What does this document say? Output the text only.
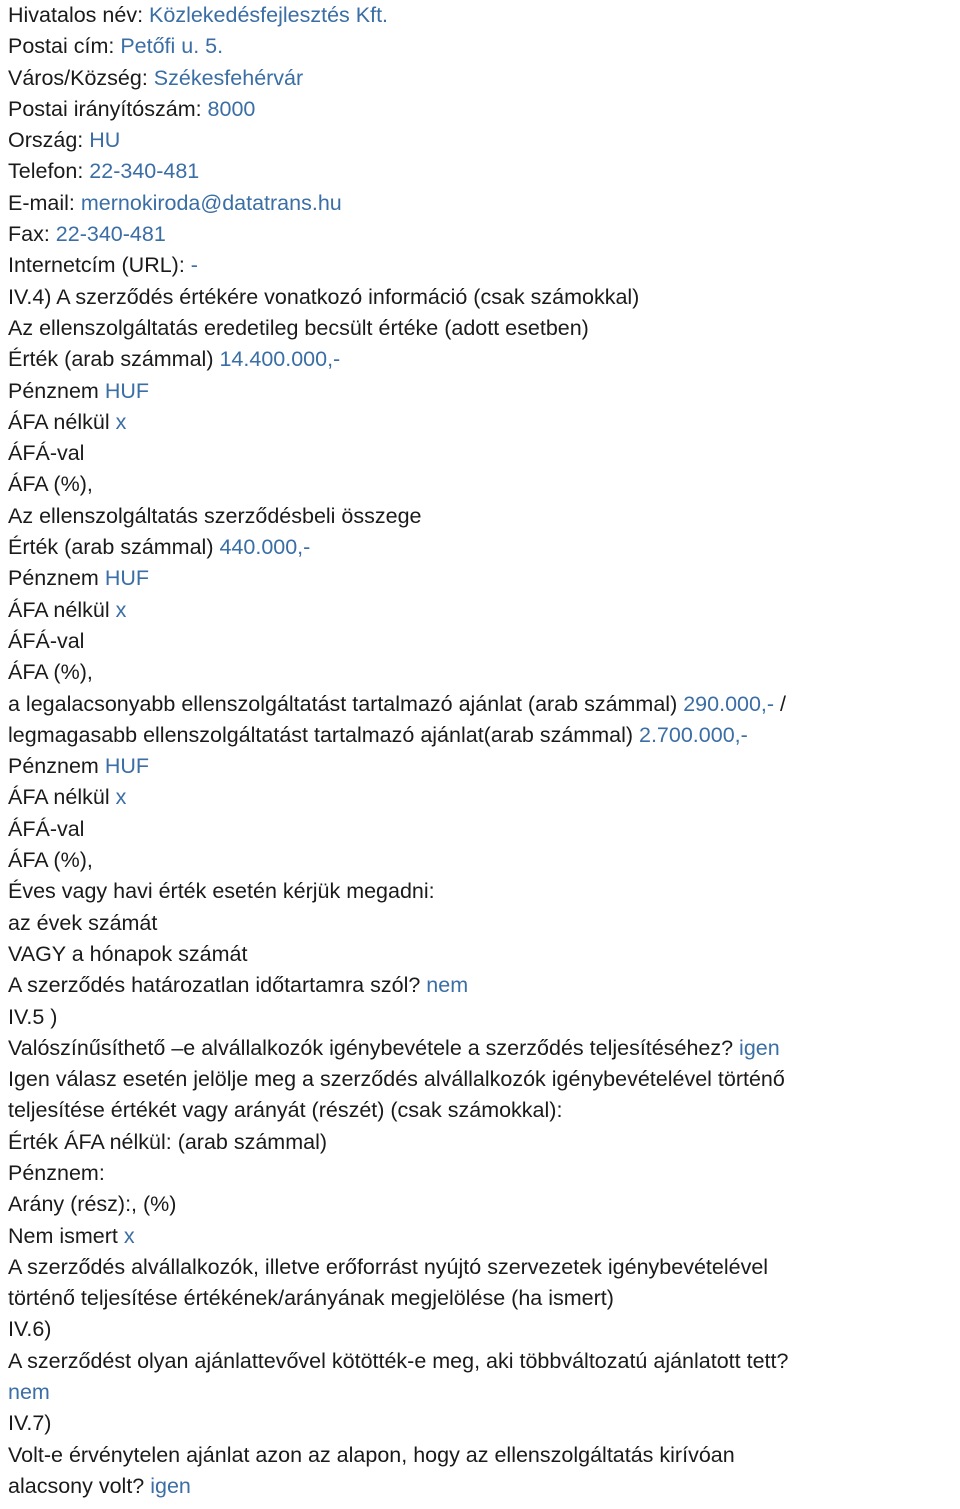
Hivatalos név: Közlekedésfejlesztés Kft.
Postai cím: Petőfi u. 5.
Város/Község: Székesfehérvár
Postai irányítószám: 8000
Ország: HU
Telefon: 22-340-481
E-mail: mernokiroda@datatrans.hu
Fax: 22-340-481
Internetcím (URL): -
IV.4) A szerződés értékére vonatkozó információ (csak számokkal)
Az ellenszolgáltatás eredetileg becsült értéke (adott esetben)
Érték (arab számmal) 14.400.000,-
Pénznem HUF
ÁFA nélkül x
ÁFÁ-val
ÁFA (%),
Az ellenszolgáltatás szerződésbeli összege
Érték (arab számmal) 440.000,-
Pénznem HUF
ÁFA nélkül x
ÁFÁ-val
ÁFA (%),
a legalacsonyabb ellenszolgáltatást tartalmazó ajánlat (arab számmal) 290.000,- /
legmagasabb ellenszolgáltatást tartalmazó ajánlat(arab számmal) 2.700.000,-
Pénznem HUF
ÁFA nélkül x
ÁFÁ-val
ÁFA (%),
Éves vagy havi érték esetén kérjük megadni:
az évek számát
VAGY a hónapok számát
A szerződés határozatlan időtartamra szól? nem
IV.5 )
Valószínűsíthető –e alvállalkozók igénybevétele a szerződés teljesítéséhez? igen
Igen válasz esetén jelölje meg a szerződés alvállalkozók igénybevételével történő
teljesítése értékét vagy arányát (részét) (csak számokkal):
Érték ÁFA nélkül: (arab számmal)
Pénznem:
Arány (rész):, (%)
Nem ismert x
A szerződés alvállalkozók, illetve erőforrást nyújtó szervezetek igénybevételével
történő teljesítése értékének/arányának megjelölése (ha ismert)
IV.6)
A szerződést olyan ajánlattevővel kötötték-e meg, aki többváltozatú ajánlatott tett?
nem
IV.7)
Volt-e érvénytelen ajánlat azon az alapon, hogy az ellenszolgáltatás kirívóan
alacsony volt? igen
